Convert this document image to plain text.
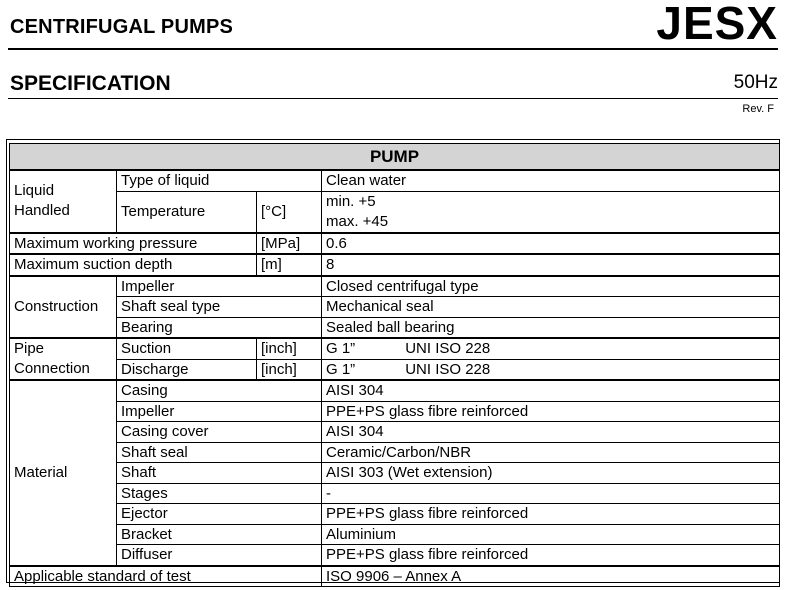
CENTRIFUGAL PUMPS	JESX
SPECIFICATION	50Hz
Rev. F
PUMP			
Liquid Handled	Type of liquid		Clean water
	Temperature	[°C]	min. +5
max. +45

Maximum working pressure		[MPa]	0.6
Maximum suction depth		[m]	8
Construction	Impeller		Closed centrifugal type
	Shaft seal type		Mechanical seal
	Bearing		Sealed ball bearing
Pipe Connection	Suction	[inch]	G 1” UNI ISO 228
	Discharge	[inch]	G 1” UNI ISO 228
Material	Casing		AISI 304
	Impeller		PPE+PS glass fibre reinforced
	Casing cover		AISI 304
	Shaft seal		Ceramic/Carbon/NBR
	Shaft		AISI 303 (Wet extension)
	Stages		-
	Ejector		PPE+PS glass fibre reinforced
	Bracket		Aluminium
	Diffuser		PPE+PS glass fibre reinforced
Applicable standard of test			ISO 9906 – Annex A
